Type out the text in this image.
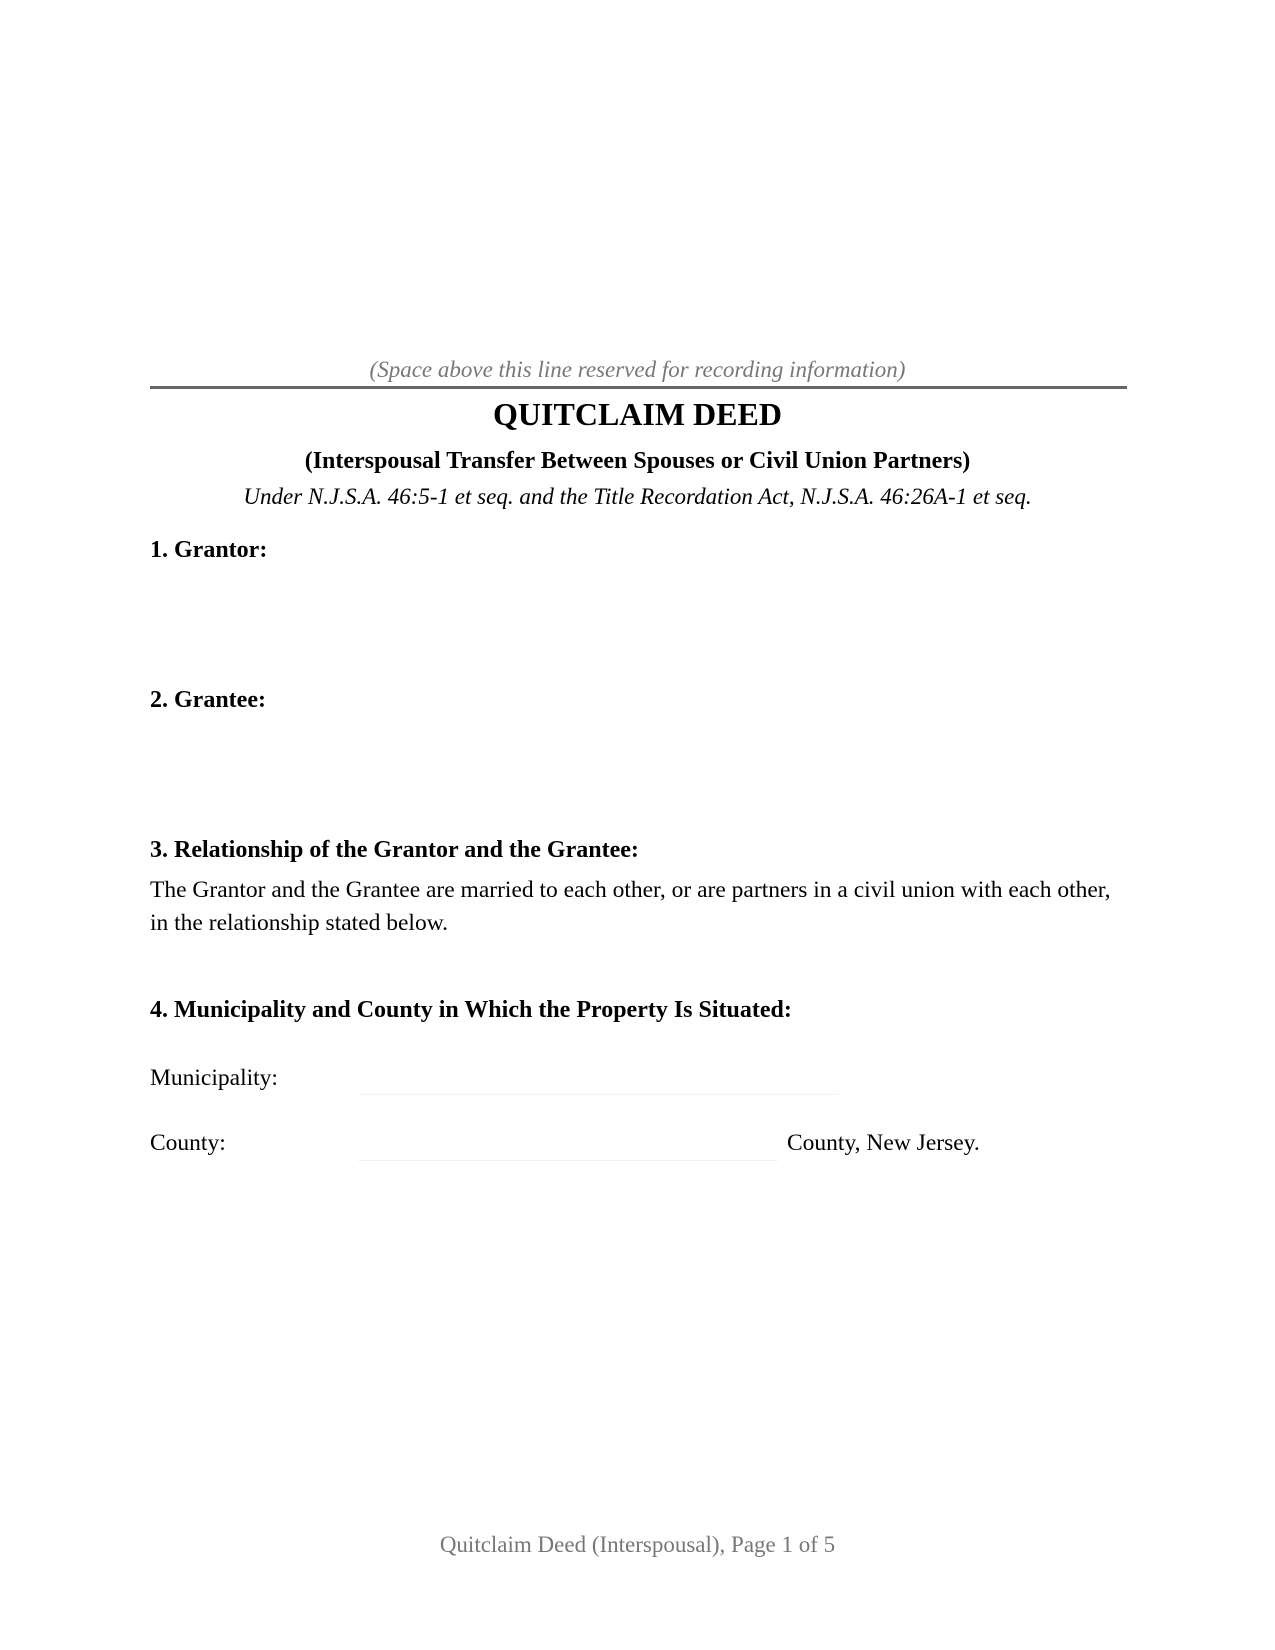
(Space above this line reserved for recording information)
QUITCLAIM DEED
(Interspousal Transfer Between Spouses or Civil Union Partners)
Under N.J.S.A. 46:5-1 et seq. and the Title Recordation Act, N.J.S.A. 46:26A-1 et seq.
1. Grantor:
2. Grantee:
3. Relationship of the Grantor and the Grantee:
The Grantor and the Grantee are married to each other, or are partners in a civil union with each other, in the relationship stated below.
4. Municipality and County in Which the Property Is Situated:
Municipality:
County:	County, New Jersey.
Quitclaim Deed (Interspousal), Page 1 of 5
